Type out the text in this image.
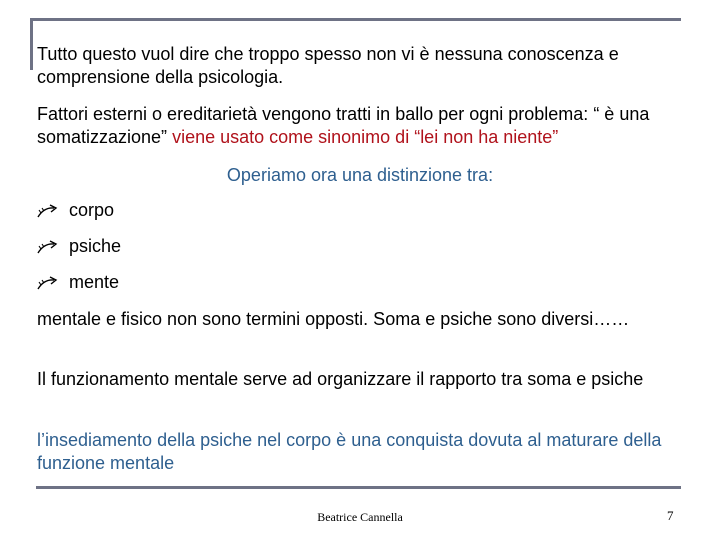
Tutto questo vuol dire che troppo spesso non vi è nessuna conoscenza e comprensione della psicologia.

Fattori esterni o ereditarietà vengono tratti in ballo per ogni problema: “ è una somatizzazione” viene usato come sinonimo di “lei non ha niente”

Operiamo ora una distinzione tra:
corpo
psiche
mente

mentale e fisico non sono termini opposti. Soma e psiche sono diversi……

Il funzionamento mentale serve ad organizzare il rapporto tra soma e psiche

l’insediamento della psiche nel corpo è una conquista dovuta al maturare della funzione mentale

Beatrice Cannella	7
